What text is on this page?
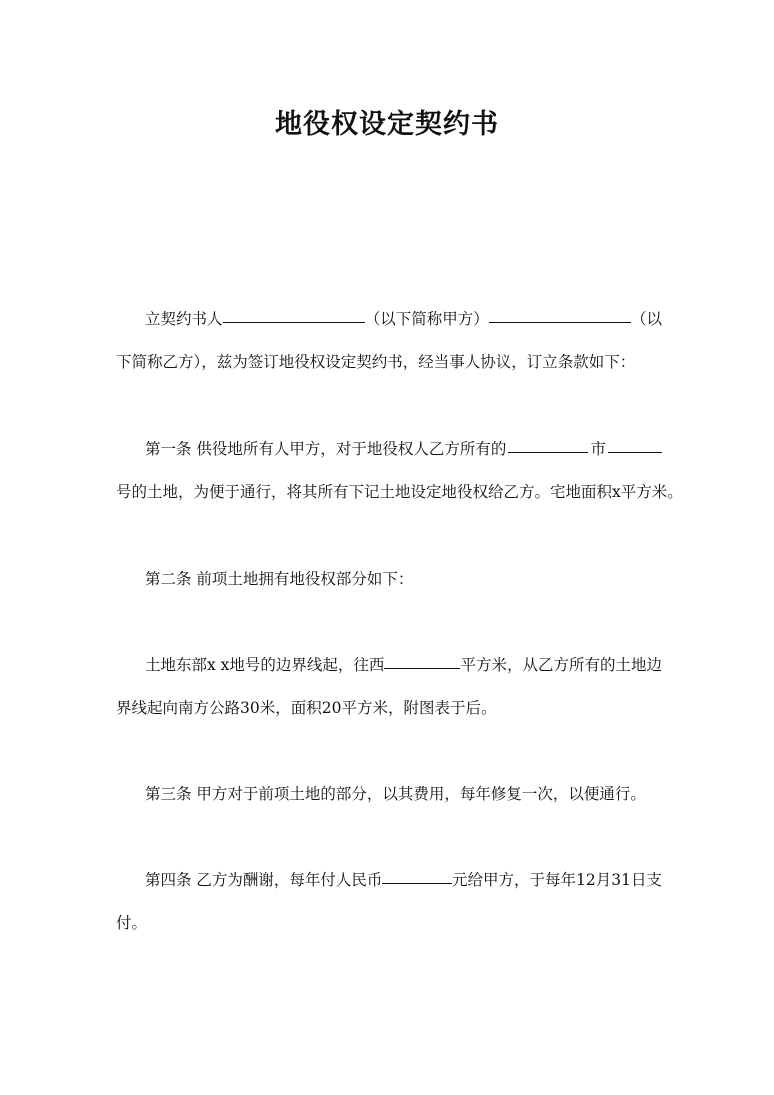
地役权设定契约书
立契约书人	（以下简称甲方）	（以
下简称乙方），兹为签订地役权设定契约书，经当事人协议，订立条款如下：
第一条 供役地所有人甲方，对于地役权人乙方所有的	市
号的土地，为便于通行，将其所有下记土地设定地役权给乙方。宅地面积x平方米。
第二条 前项土地拥有地役权部分如下：
土地东部x x地号的边界线起，往西	平方米，从乙方所有的土地边
界线起向南方公路30米，面积20平方米，附图表于后。
第三条 甲方对于前项土地的部分，以其费用，每年修复一次，以便通行。
第四条 乙方为酬谢，每年付人民币	元给甲方，于每年12月31日支
付。
